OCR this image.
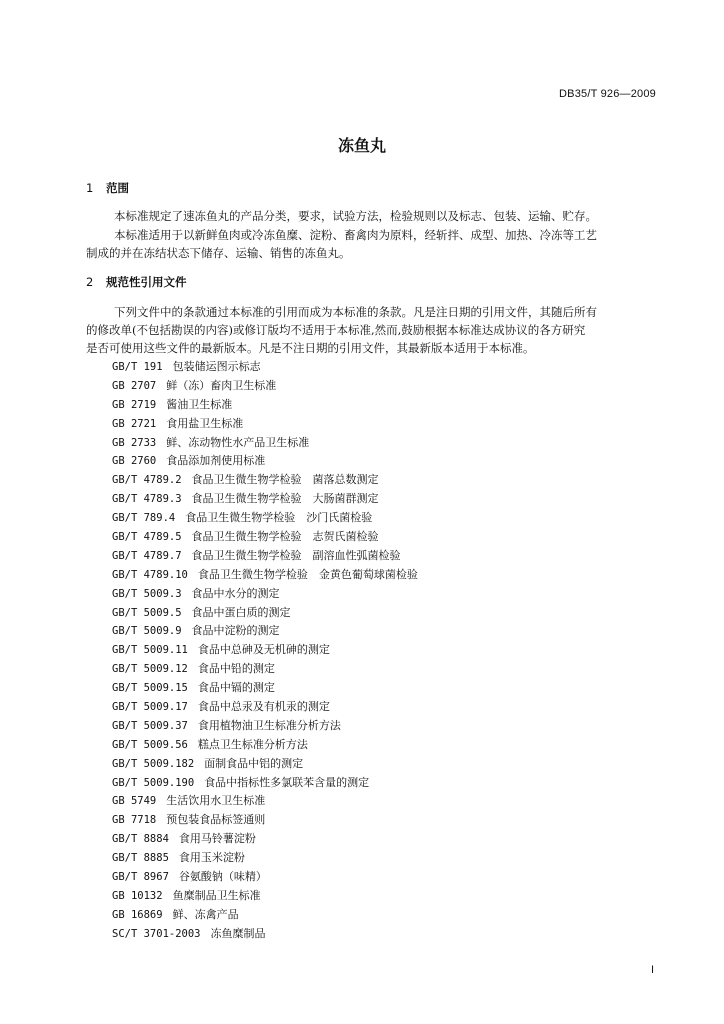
DB35/T 926—2009
冻鱼丸
1 范围
本标准规定了速冻鱼丸的产品分类，要求，试验方法，检验规则以及标志、包装、运输、贮存。
本标准适用于以新鲜鱼肉或冷冻鱼糜、淀粉、畜禽肉为原料，经斩拌、成型、加热、冷冻等工艺
制成的并在冻结状态下储存、运输、销售的冻鱼丸。
2 规范性引用文件
下列文件中的条款通过本标准的引用而成为本标准的条款。凡是注日期的引用文件，其随后所有
的修改单(不包括勘误的内容)或修订版均不适用于本标准,然而,鼓励根据本标准达成协议的各方研究
是否可使用这些文件的最新版本。凡是不注日期的引用文件，其最新版本适用于本标准。
GB/T 191 包装储运图示标志
GB 2707 鲜（冻）畜肉卫生标准
GB 2719 酱油卫生标准
GB 2721 食用盐卫生标准
GB 2733 鲜、冻动物性水产品卫生标准
GB 2760 食品添加剂使用标准
GB/T 4789.2 食品卫生微生物学检验　菌落总数测定
GB/T 4789.3 食品卫生微生物学检验　大肠菌群测定
GB/T 789.4 食品卫生微生物学检验　沙门氏菌检验
GB/T 4789.5 食品卫生微生物学检验　志贺氏菌检验
GB/T 4789.7 食品卫生微生物学检验　副溶血性弧菌检验
GB/T 4789.10 食品卫生微生物学检验　金黄色葡萄球菌检验
GB/T 5009.3 食品中水分的测定
GB/T 5009.5 食品中蛋白质的测定
GB/T 5009.9 食品中淀粉的测定
GB/T 5009.11 食品中总砷及无机砷的测定
GB/T 5009.12 食品中铅的测定
GB/T 5009.15 食品中镉的测定
GB/T 5009.17 食品中总汞及有机汞的测定
GB/T 5009.37 食用植物油卫生标准分析方法
GB/T 5009.56 糕点卫生标准分析方法
GB/T 5009.182 面制食品中铝的测定
GB/T 5009.190 食品中指标性多氯联苯含量的测定
GB 5749 生活饮用水卫生标准
GB 7718 预包装食品标签通则
GB/T 8884 食用马铃薯淀粉
GB/T 8885 食用玉米淀粉
GB/T 8967 谷氨酸钠（味精）
GB 10132 鱼糜制品卫生标准
GB 16869 鲜、冻禽产品
SC/T 3701-2003 冻鱼糜制品
I
